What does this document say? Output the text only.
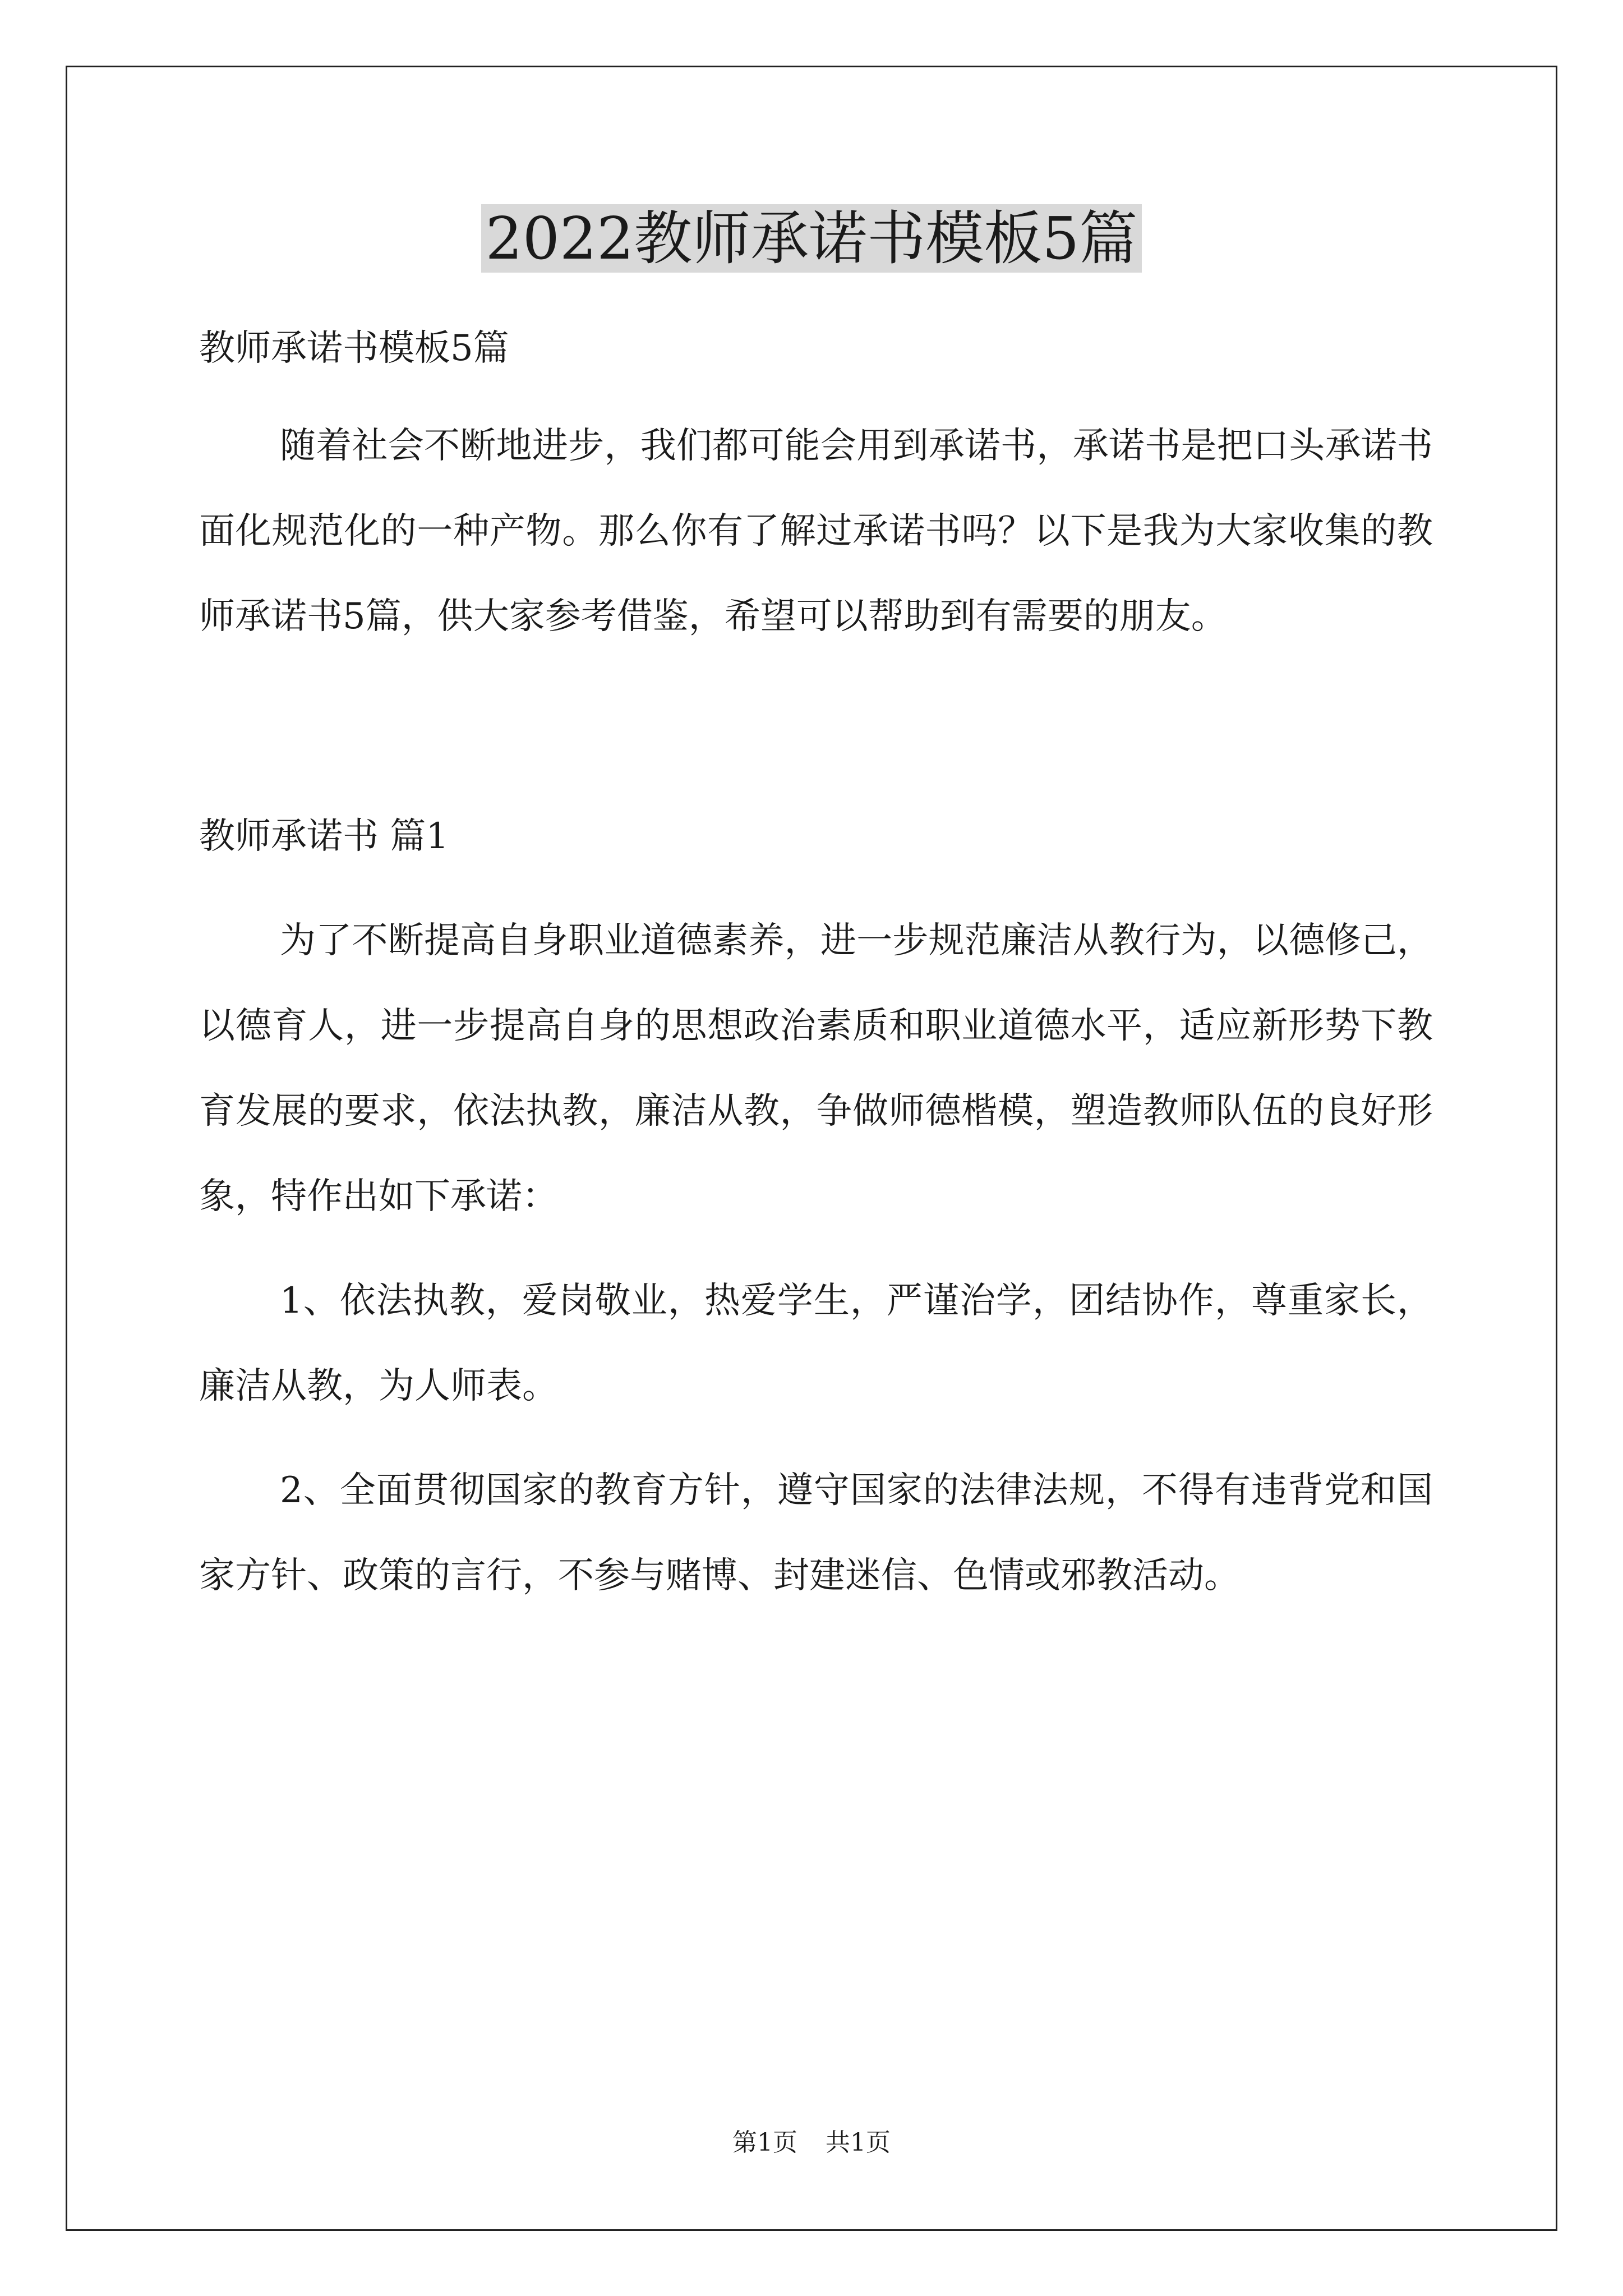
2022教师承诺书模板5篇

教师承诺书模板5篇

随着社会不断地进步，我们都可能会用到承诺书，承诺书是把口头承诺书面化规范化的一种产物。那么你有了解过承诺书吗？以下是我为大家收集的教师承诺书5篇，供大家参考借鉴，希望可以帮助到有需要的朋友。

教师承诺书 篇1

为了不断提高自身职业道德素养，进一步规范廉洁从教行为，以德修己，以德育人，进一步提高自身的思想政治素质和职业道德水平，适应新形势下教育发展的要求，依法执教，廉洁从教，争做师德楷模，塑造教师队伍的良好形象，特作出如下承诺：

1、依法执教，爱岗敬业，热爱学生，严谨治学，团结协作，尊重家长，廉洁从教，为人师表。

2、全面贯彻国家的教育方针，遵守国家的法律法规，不得有违背党和国家方针、政策的言行，不参与赌博、封建迷信、色情或邪教活动。

第1页 共1页
